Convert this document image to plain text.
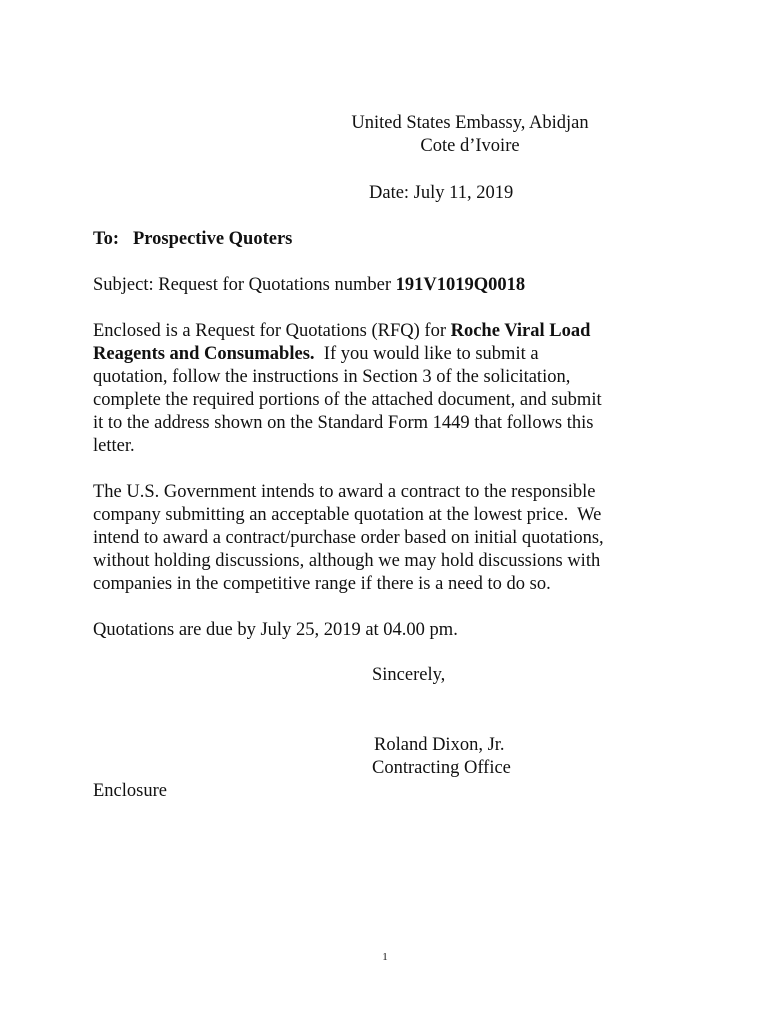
United States Embassy, Abidjan

Cote d’Ivoire

Date: July 11, 2019

To: Prospective Quoters

Subject: Request for Quotations number 191V1019Q0018

Enclosed is a Request for Quotations (RFQ) for Roche Viral Load
Reagents and Consumables.  If you would like to submit a
quotation, follow the instructions in Section 3 of the solicitation,
complete the required portions of the attached document, and submit
it to the address shown on the Standard Form 1449 that follows this
letter.
The U.S. Government intends to award a contract to the responsible
company submitting an acceptable quotation at the lowest price.  We
intend to award a contract/purchase order based on initial quotations,
without holding discussions, although we may hold discussions with
companies in the competitive range if there is a need to do so.

Quotations are due by July 25, 2019 at 04.00 pm.

Sincerely,

Roland Dixon, Jr.

Contracting Office

Enclosure

1
